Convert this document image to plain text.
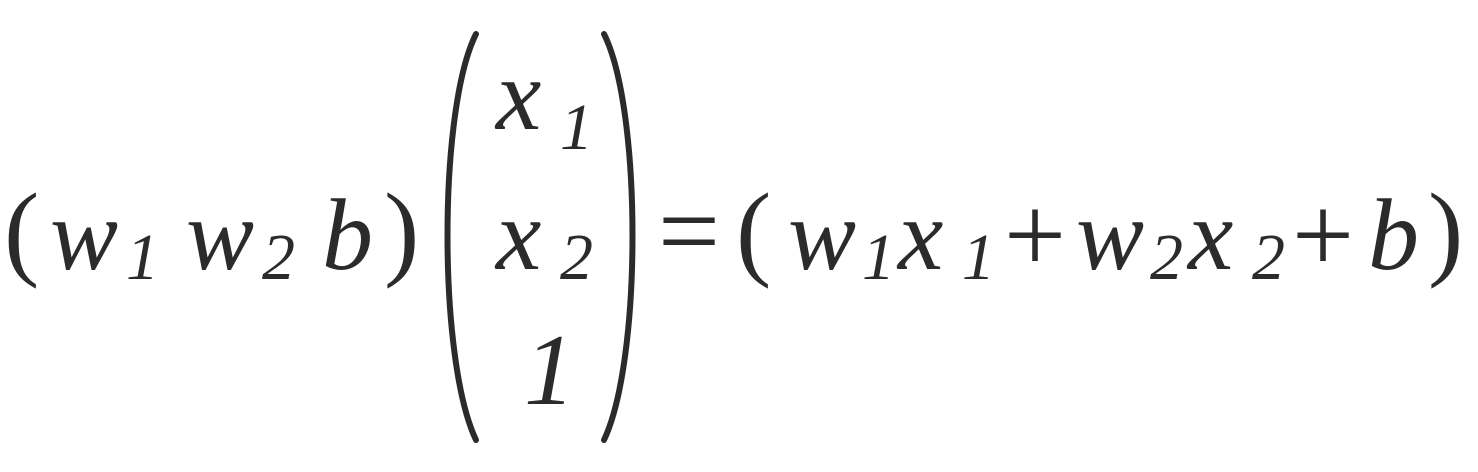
( w 1 w 2 b )
x 1
x 2
1
= ( w 1 x 1 + w 2 x 2 + b )
